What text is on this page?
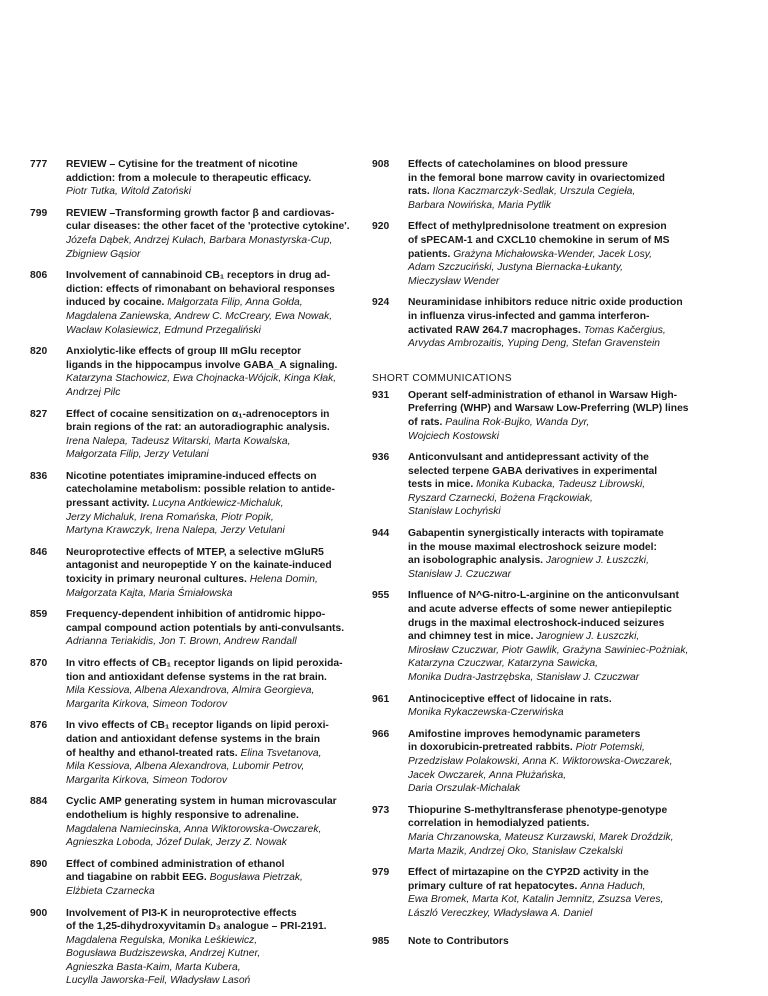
777	REVIEW – Cytisine for the treatment of nicotine
addiction: from a molecule to therapeutic efficacy.
Piotr Tutka, Witold Zatoński
799	REVIEW –Transforming growth factor β and cardiovas-
cular diseases: the other facet of the 'protective cytokine'.
Józefa Dąbek, Andrzej Kułach, Barbara Monastyrska-Cup,
Zbigniew Gąsior
806	Involvement of cannabinoid CB₁ receptors in drug ad-
diction: effects of rimonabant on behavioral responses
induced by cocaine. Małgorzata Filip, Anna Gołda,
Magdalena Zaniewska, Andrew C. McCreary, Ewa Nowak,
Wacław Kolasiewicz, Edmund Przegaliński
820	Anxiolytic-like effects of group III mGlu receptor
ligands in the hippocampus involve GABA_A signaling.
Katarzyna Stachowicz, Ewa Chojnacka-Wójcik, Kinga Kłak,
Andrzej Pilc
827	Effect of cocaine sensitization on α₁-adrenoceptors in
brain regions of the rat: an autoradiographic analysis.
Irena Nalepa, Tadeusz Witarski, Marta Kowalska,
Małgorzata Filip, Jerzy Vetulani
836	Nicotine potentiates imipramine-induced effects on
catecholamine metabolism: possible relation to antide-
pressant activity. Lucyna Antkiewicz-Michaluk,
Jerzy Michaluk, Irena Romańska, Piotr Popik,
Martyna Krawczyk, Irena Nalepa, Jerzy Vetulani
846	Neuroprotective effects of MTEP, a selective mGluR5
antagonist and neuropeptide Y on the kainate-induced
toxicity in primary neuronal cultures. Helena Domin,
Małgorzata Kajta, Maria Śmiałowska
859	Frequency-dependent inhibition of antidromic hippo-
campal compound action potentials by anti-convulsants.
Adrianna Teriakidis, Jon T. Brown, Andrew Randall
870	In vitro effects of CB₁ receptor ligands on lipid peroxida-
tion and antioxidant defense systems in the rat brain.
Mila Kessiova, Albena Alexandrova, Almira Georgieva,
Margarita Kirkova, Simeon Todorov
876	In vivo effects of CB₁ receptor ligands on lipid peroxi-
dation and antioxidant defense systems in the brain
of healthy and ethanol-treated rats. Elina Tsvetanova,
Mila Kessiova, Albena Alexandrova, Lubomir Petrov,
Margarita Kirkova, Simeon Todorov
884	Cyclic AMP generating system in human microvascular
endothelium is highly responsive to adrenaline.
Magdalena Namiecinska, Anna Wiktorowska-Owczarek,
Agnieszka Loboda, Józef Dulak, Jerzy Z. Nowak
890	Effect of combined administration of ethanol
and tiagabine on rabbit EEG. Bogusława Pietrzak,
Elżbieta Czarnecka
900	Involvement of PI3-K in neuroprotective effects
of the 1,25-dihydroxyvitamin D₃ analogue – PRI-2191.
Magdalena Regulska, Monika Leśkiewicz,
Bogusława Budziszewska, Andrzej Kutner,
Agnieszka Basta-Kaim, Marta Kubera,
Lucylla Jaworska-Feil, Władysław Lasoń
908	Effects of catecholamines on blood pressure
in the femoral bone marrow cavity in ovariectomized
rats. Ilona Kaczmarczyk-Sedlak, Urszula Cegieła,
Barbara Nowińska, Maria Pytlik
920	Effect of methylprednisolone treatment on expresion
of sPECAM-1 and CXCL10 chemokine in serum of MS
patients. Grażyna Michałowska-Wender, Jacek Losy,
Adam Szczuciński, Justyna Biernacka-Łukanty,
Mieczysław Wender
924	Neuraminidase inhibitors reduce nitric oxide production
in influenza virus-infected and gamma interferon-
activated RAW 264.7 macrophages. Tomas Kačergius,
Arvydas Ambrozaitis, Yuping Deng, Stefan Gravenstein
SHORT COMMUNICATIONS
931	Operant self-administration of ethanol in Warsaw High-
Preferring (WHP) and Warsaw Low-Preferring (WLP) lines
of rats. Paulina Rok-Bujko, Wanda Dyr,
Wojciech Kostowski
936	Anticonvulsant and antidepressant activity of the
selected terpene GABA derivatives in experimental
tests in mice. Monika Kubacka, Tadeusz Librowski,
Ryszard Czarnecki, Bożena Frąckowiak,
Stanisław Lochyński
944	Gabapentin synergistically interacts with topiramate
in the mouse maximal electroshock seizure model:
an isobolographic analysis. Jarogniew J. Łuszczki,
Stanisław J. Czuczwar
955	Influence of N^G-nitro-L-arginine on the anticonvulsant
and acute adverse effects of some newer antiepileptic
drugs in the maximal electroshock-induced seizures
and chimney test in mice. Jarogniew J. Łuszczki,
Mirosław Czuczwar, Piotr Gawlik, Grażyna Sawiniec-Pożniak,
Katarzyna Czuczwar, Katarzyna Sawicka,
Monika Dudra-Jastrzębska, Stanisław J. Czuczwar
961	Antinociceptive effect of lidocaine in rats.
Monika Rykaczewska-Czerwińska
966	Amifostine improves hemodynamic parameters
in doxorubicin-pretreated rabbits. Piotr Potemski,
Przedzisław Polakowski, Anna K. Wiktorowska-Owczarek,
Jacek Owczarek, Anna Płużańska,
Daria Orszulak-Michalak
973	Thiopurine S-methyltransferase phenotype-genotype
correlation in hemodialyzed patients.
Maria Chrzanowska, Mateusz Kurzawski, Marek Droździk,
Marta Mazik, Andrzej Oko, Stanisław Czekalski
979	Effect of mirtazapine on the CYP2D activity in the
primary culture of rat hepatocytes. Anna Haduch,
Ewa Bromek, Marta Kot, Katalin Jemnitz, Zsuzsa Veres,
László Vereczkey, Władysława A. Daniel
985	Note to Contributors
